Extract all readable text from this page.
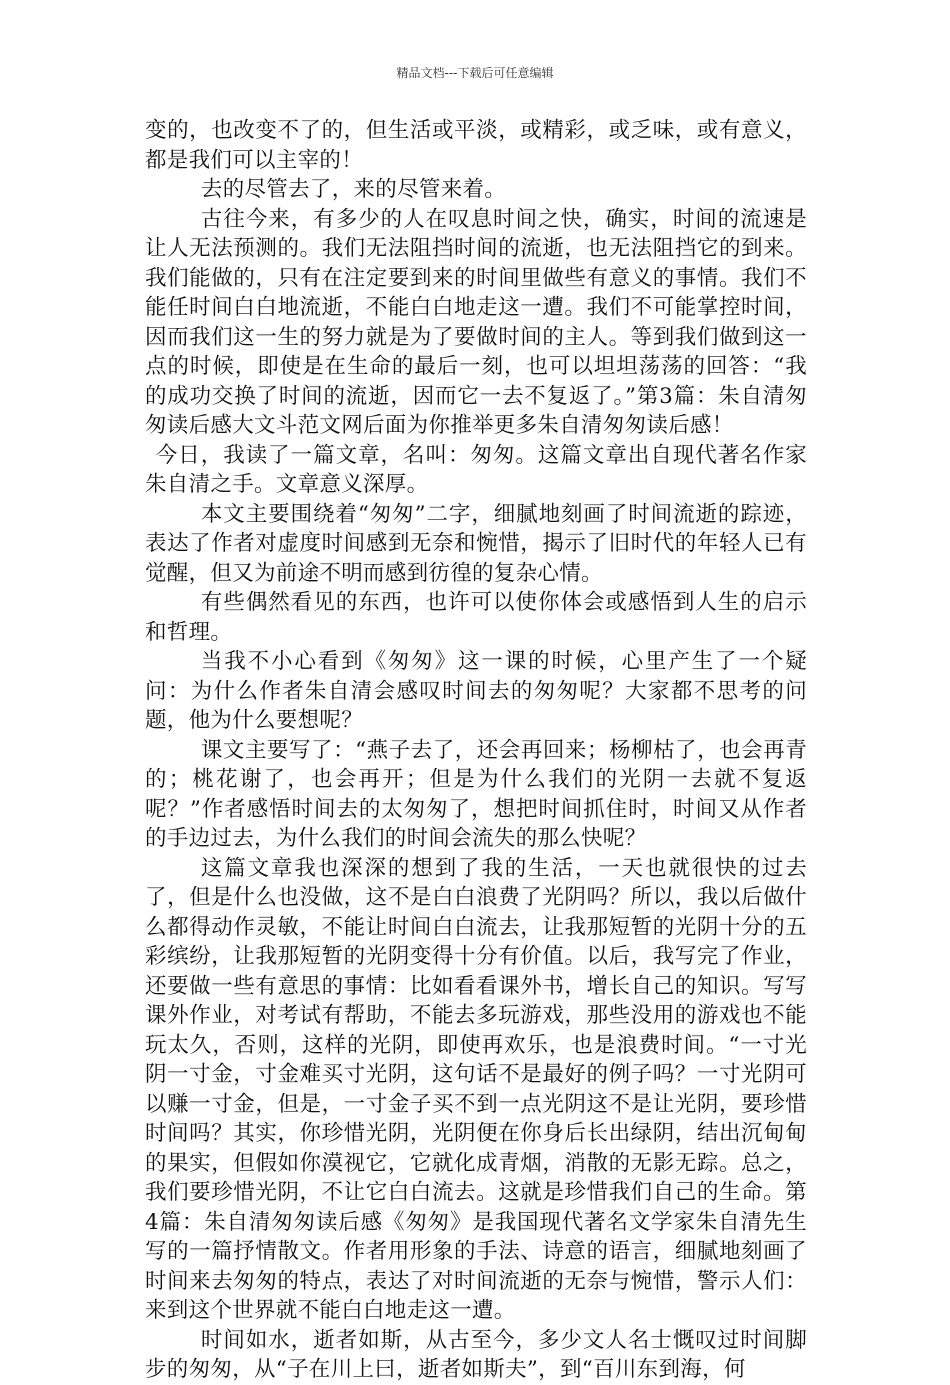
精品文档---下载后可任意编辑

变的，也改变不了的，但生活或平淡，或精彩，或乏味，或有意义，都是我们可以主宰的！

去的尽管去了，来的尽管来着。

古往今来，有多少的人在叹息时间之快，确实，时间的流速是让人无法预测的。我们无法阻挡时间的流逝，也无法阻挡它的到来。我们能做的，只有在注定要到来的时间里做些有意义的事情。我们不能任时间白白地流逝，不能白白地走这一遭。我们不可能掌控时间，因而我们这一生的努力就是为了要做时间的主人。等到我们做到这一点的时候，即使是在生命的最后一刻，也可以坦坦荡荡的回答：“我的成功交换了时间的流逝，因而它一去不复返了。”第3篇：朱自清匆匆读后感大文斗范文网后面为你推举更多朱自清匆匆读后感！

今日，我读了一篇文章，名叫：匆匆。这篇文章出自现代著名作家朱自清之手。文章意义深厚。

本文主要围绕着“匆匆”二字，细腻地刻画了时间流逝的踪迹，表达了作者对虚度时间感到无奈和惋惜，揭示了旧时代的年轻人已有觉醒，但又为前途不明而感到彷徨的复杂心情。

有些偶然看见的东西，也许可以使你体会或感悟到人生的启示和哲理。

当我不小心看到《匆匆》这一课的时候，心里产生了一个疑问：为什么作者朱自清会感叹时间去的匆匆呢？大家都不思考的问题，他为什么要想呢？

课文主要写了：“燕子去了，还会再回来；杨柳枯了，也会再青的；桃花谢了，也会再开；但是为什么我们的光阴一去就不复返呢？”作者感悟时间去的太匆匆了，想把时间抓住时，时间又从作者的手边过去，为什么我们的时间会流失的那么快呢？

这篇文章我也深深的想到了我的生活，一天也就很快的过去了，但是什么也没做，这不是白白浪费了光阴吗？所以，我以后做什么都得动作灵敏，不能让时间白白流去，让我那短暂的光阴十分的五彩缤纷，让我那短暂的光阴变得十分有价值。以后，我写完了作业，还要做一些有意思的事情：比如看看课外书，增长自己的知识。写写课外作业，对考试有帮助，不能去多玩游戏，那些没用的游戏也不能玩太久，否则，这样的光阴，即使再欢乐，也是浪费时间。“一寸光阴一寸金，寸金难买寸光阴，这句话不是最好的例子吗？一寸光阴可以赚一寸金，但是，一寸金子买不到一点光阴这不是让光阴，要珍惜时间吗？其实，你珍惜光阴，光阴便在你身后长出绿阴，结出沉甸甸的果实，但假如你漠视它，它就化成青烟，消散的无影无踪。总之，我们要珍惜光阴，不让它白白流去。这就是珍惜我们自己的生命。第4篇：朱自清匆匆读后感《匆匆》是我国现代著名文学家朱自清先生写的一篇抒情散文。作者用形象的手法、诗意的语言，细腻地刻画了时间来去匆匆的特点，表达了对时间流逝的无奈与惋惜，警示人们：来到这个世界就不能白白地走这一遭。

时间如水，逝者如斯，从古至今，多少文人名士慨叹过时间脚步的匆匆，从“子在川上曰，逝者如斯夫”，到“百川东到海，何
